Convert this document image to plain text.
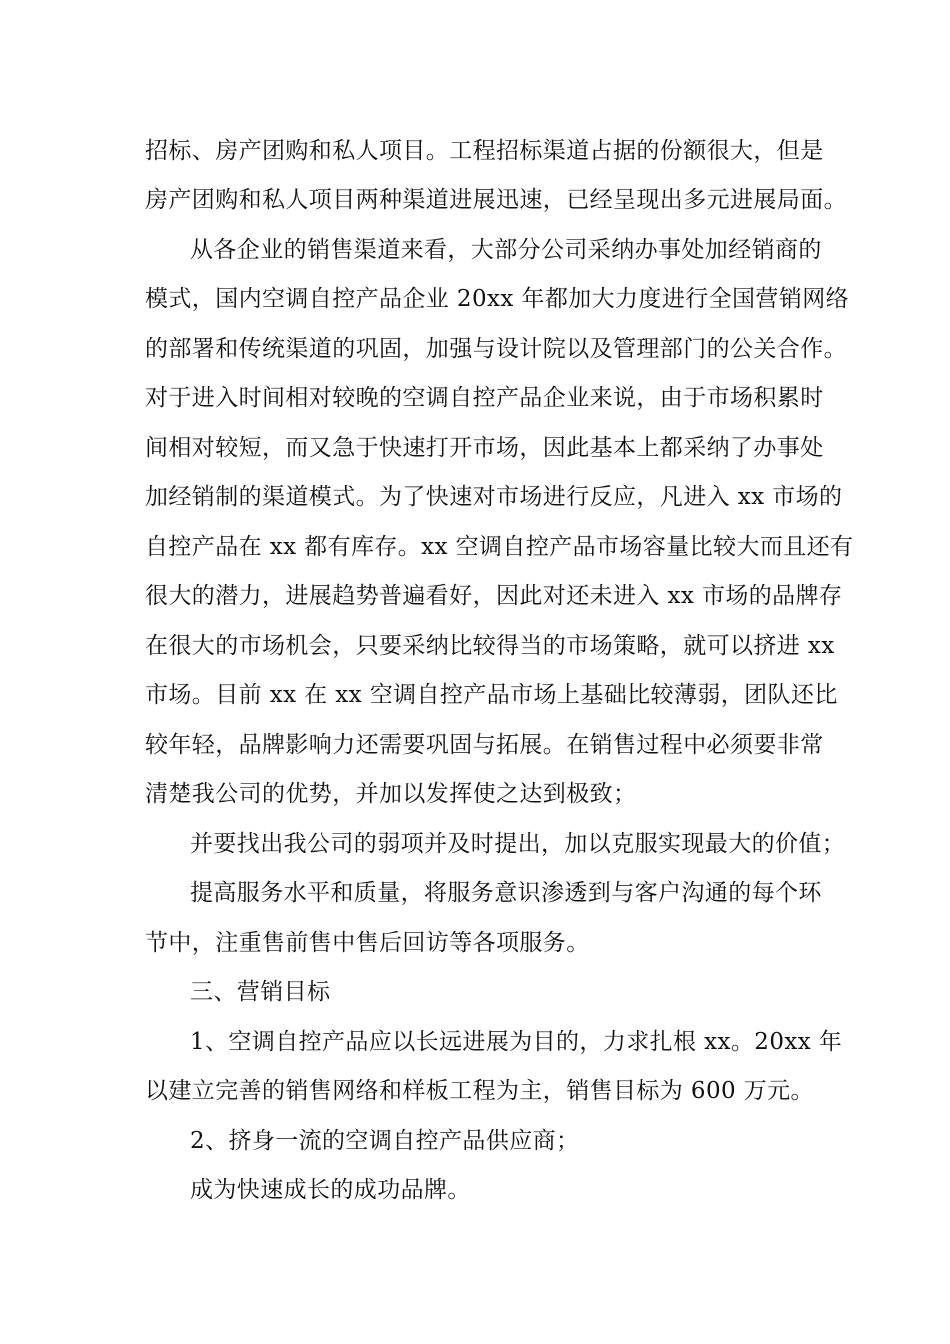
招标、房产团购和私人项目。工程招标渠道占据的份额很大，但是
房产团购和私人项目两种渠道进展迅速，已经呈现出多元进展局面。
从各企业的销售渠道来看，大部分公司采纳办事处加经销商的
模式，国内空调自控产品企业 20xx 年都加大力度进行全国营销网络
的部署和传统渠道的巩固，加强与设计院以及管理部门的公关合作。
对于进入时间相对较晚的空调自控产品企业来说，由于市场积累时
间相对较短，而又急于快速打开市场，因此基本上都采纳了办事处
加经销制的渠道模式。为了快速对市场进行反应，凡进入 xx 市场的
自控产品在 xx 都有库存。xx 空调自控产品市场容量比较大而且还有
很大的潜力，进展趋势普遍看好，因此对还未进入 xx 市场的品牌存
在很大的市场机会，只要采纳比较得当的市场策略，就可以挤进 xx
市场。目前 xx 在 xx 空调自控产品市场上基础比较薄弱，团队还比
较年轻，品牌影响力还需要巩固与拓展。在销售过程中必须要非常
清楚我公司的优势，并加以发挥使之达到极致；
并要找出我公司的弱项并及时提出，加以克服实现最大的价值；
提高服务水平和质量，将服务意识渗透到与客户沟通的每个环
节中，注重售前售中售后回访等各项服务。
三、营销目标
1、空调自控产品应以长远进展为目的，力求扎根 xx。20xx 年
以建立完善的销售网络和样板工程为主，销售目标为 600 万元。
2、挤身一流的空调自控产品供应商；
成为快速成长的成功品牌。
